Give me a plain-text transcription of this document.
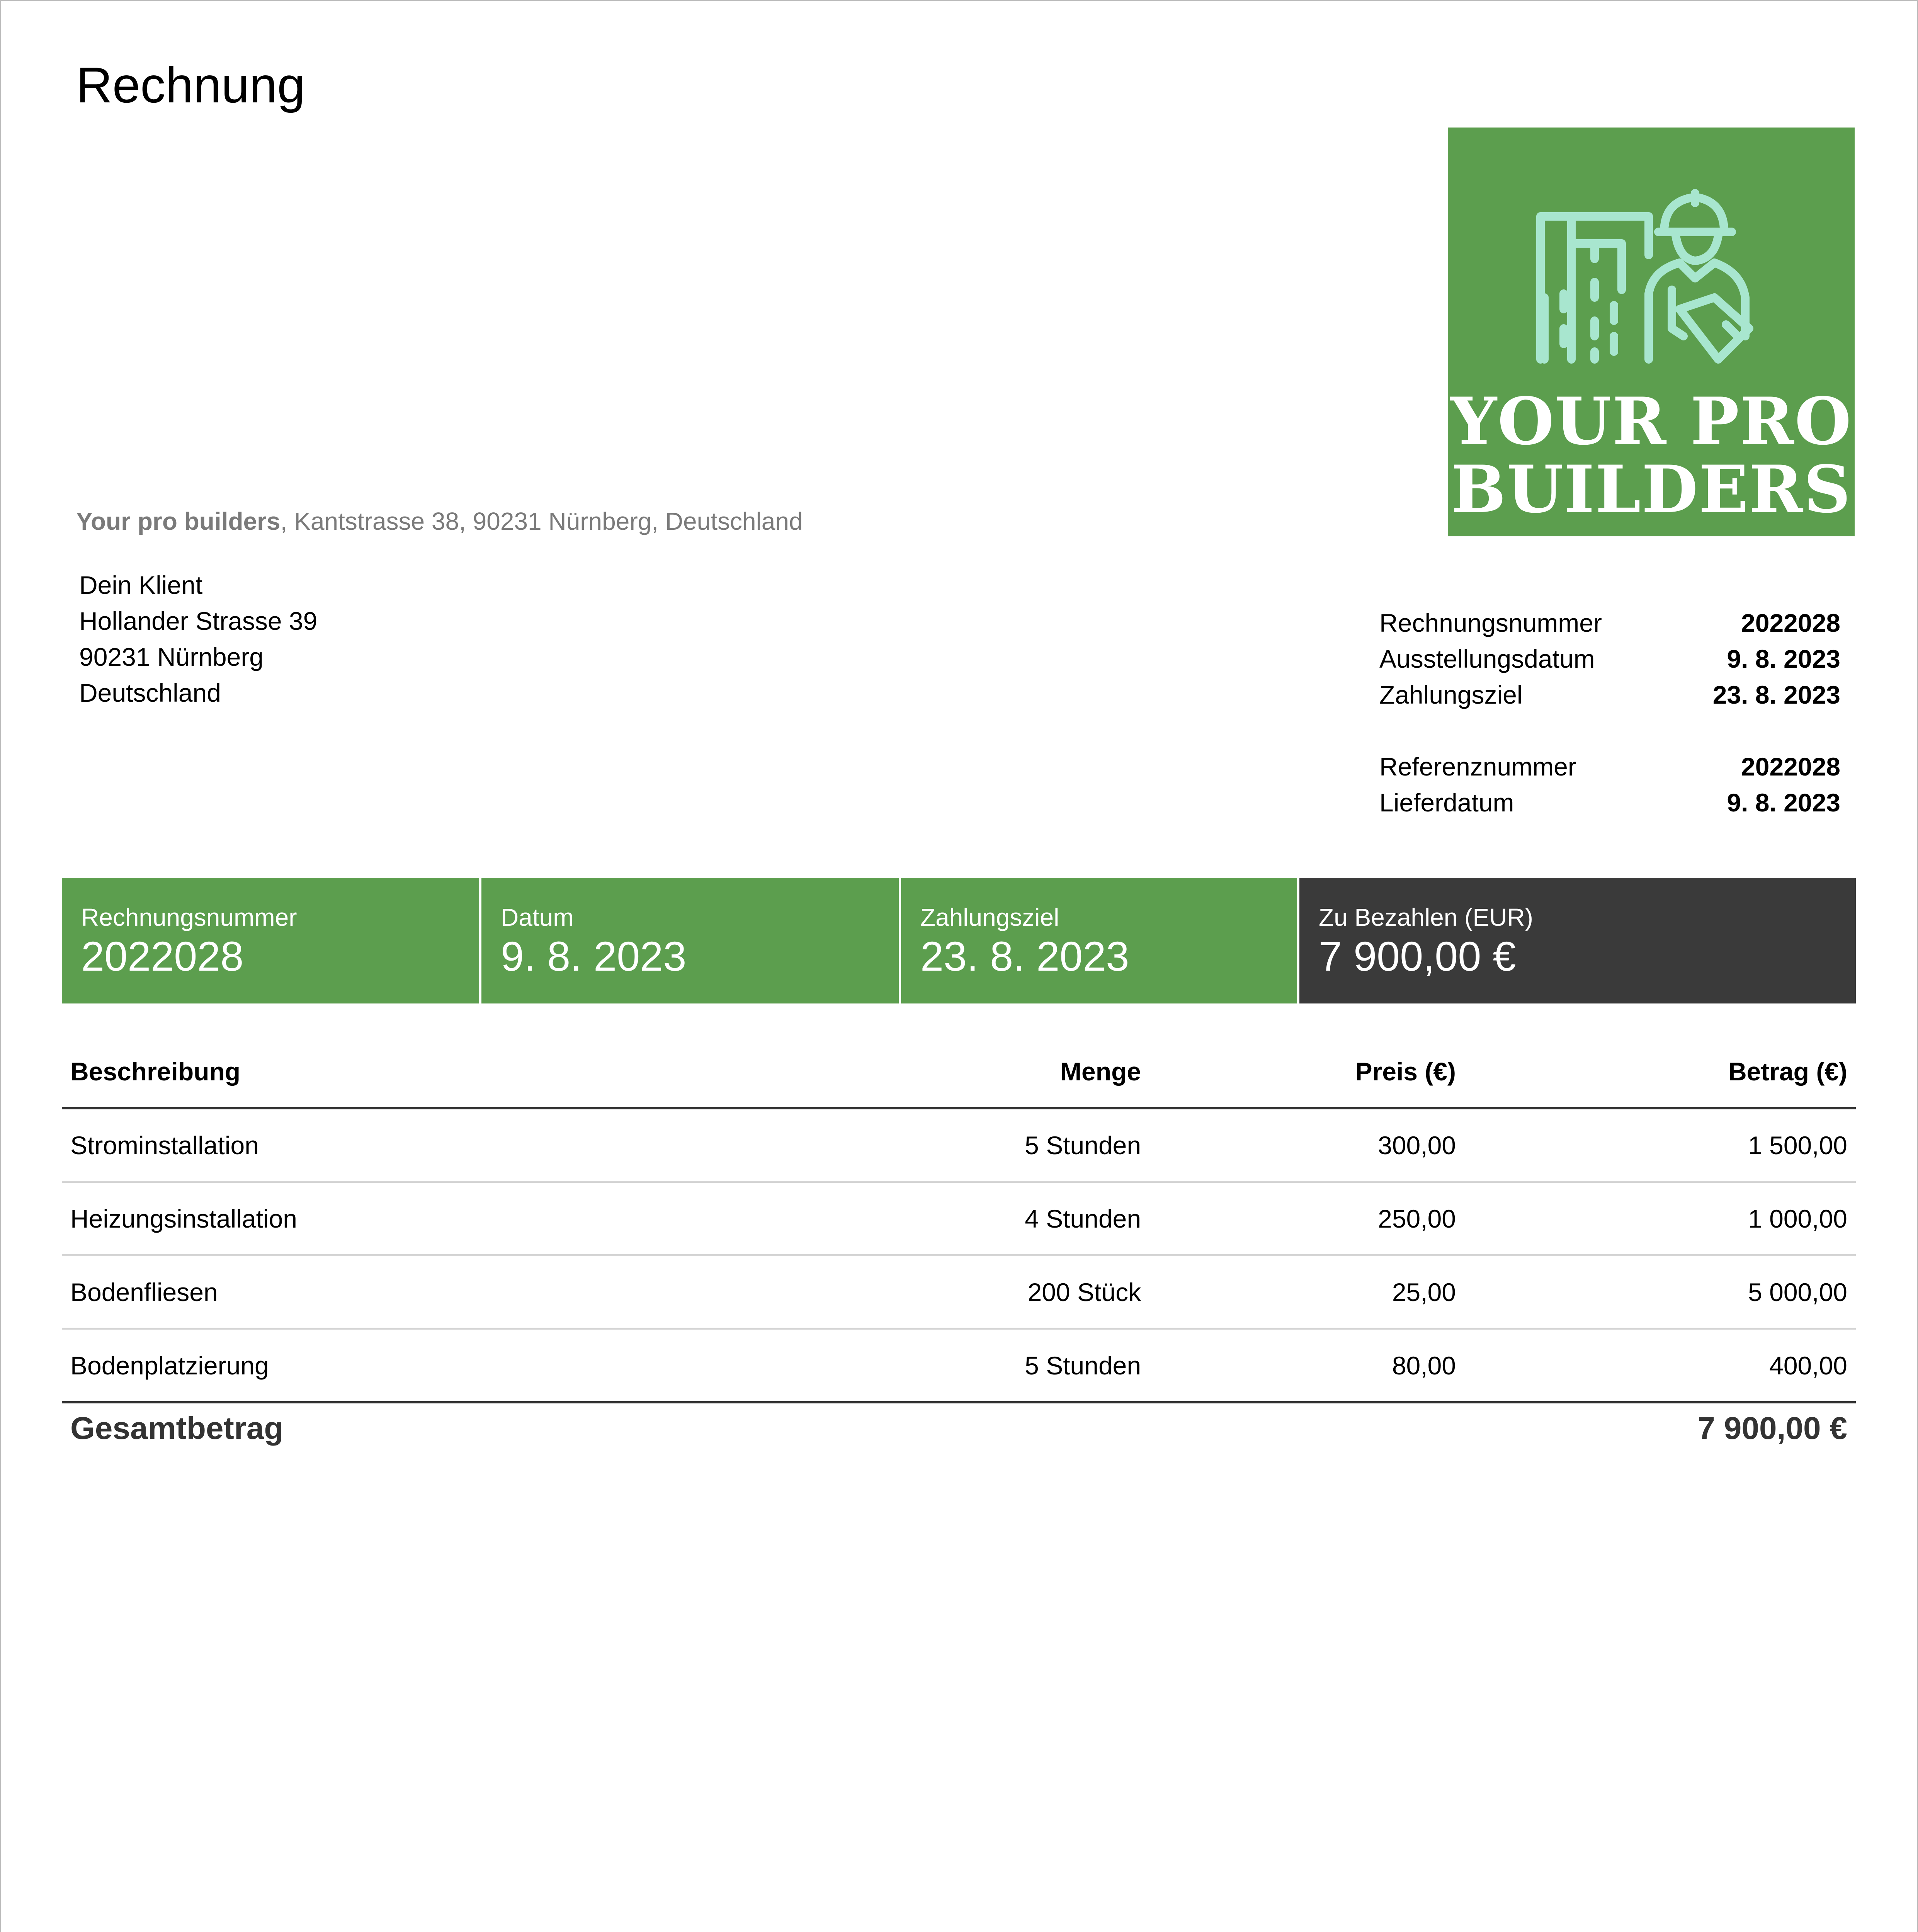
Rechnung
YOUR PRO
BUILDERS
Your pro builders, Kantstrasse 38, 90231 Nürnberg, Deutschland
Dein Klient
Hollander Strasse 39
90231 Nürnberg
Deutschland
Rechnungsnummer	2022028
Ausstellungsdatum	9. 8. 2023
Zahlungsziel	23. 8. 2023
Referenznummer	2022028
Lieferdatum	9. 8. 2023
Rechnungsnummer
2022028
Datum
9. 8. 2023
Zahlungsziel
23. 8. 2023
Zu Bezahlen (EUR)
7 900,00 €
Beschreibung	Menge	Preis (€)	Betrag (€)
Strominstallation	5 Stunden	300,00	1 500,00
Heizungsinstallation	4 Stunden	250,00	1 000,00
Bodenfliesen	200 Stück	25,00	5 000,00
Bodenplatzierung	5 Stunden	80,00	400,00
Gesamtbetrag	7 900,00 €
